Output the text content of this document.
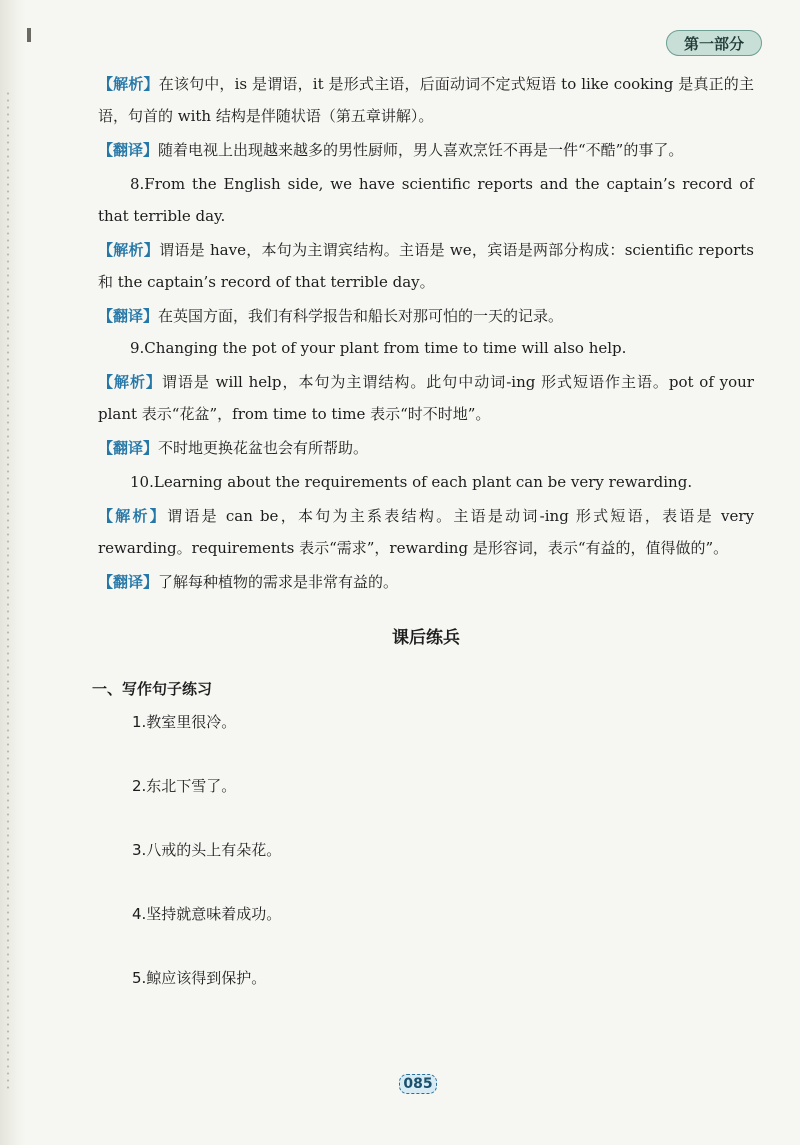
第一部分

【解析】在该句中，is 是谓语，it 是形式主语，后面动词不定式短语 to like cooking 是真正的主语，句首的 with 结构是伴随状语（第五章讲解）。

【翻译】随着电视上出现越来越多的男性厨师，男人喜欢烹饪不再是一件“不酷”的事了。

8.From the English side, we have scientific reports and the captain’s record of that terrible day.

【解析】谓语是 have，本句为主谓宾结构。主语是 we，宾语是两部分构成：scientific reports 和 the captain’s record of that terrible day。

【翻译】在英国方面，我们有科学报告和船长对那可怕的一天的记录。

9.Changing the pot of your plant from time to time will also help.

【解析】谓语是 will help，本句为主谓结构。此句中动词-ing 形式短语作主语。pot of your plant 表示“花盆”，from time to time 表示“时不时地”。

【翻译】不时地更换花盆也会有所帮助。

10.Learning about the requirements of each plant can be very rewarding.

【解析】谓语是 can be，本句为主系表结构。主语是动词-ing 形式短语，表语是 very rewarding。requirements 表示“需求”，rewarding 是形容词，表示“有益的，值得做的”。

【翻译】了解每种植物的需求是非常有益的。

课后练兵

一、写作句子练习

1.教室里很冷。

2.东北下雪了。

3.八戒的头上有朵花。

4.坚持就意味着成功。

5.鲸应该得到保护。

085
